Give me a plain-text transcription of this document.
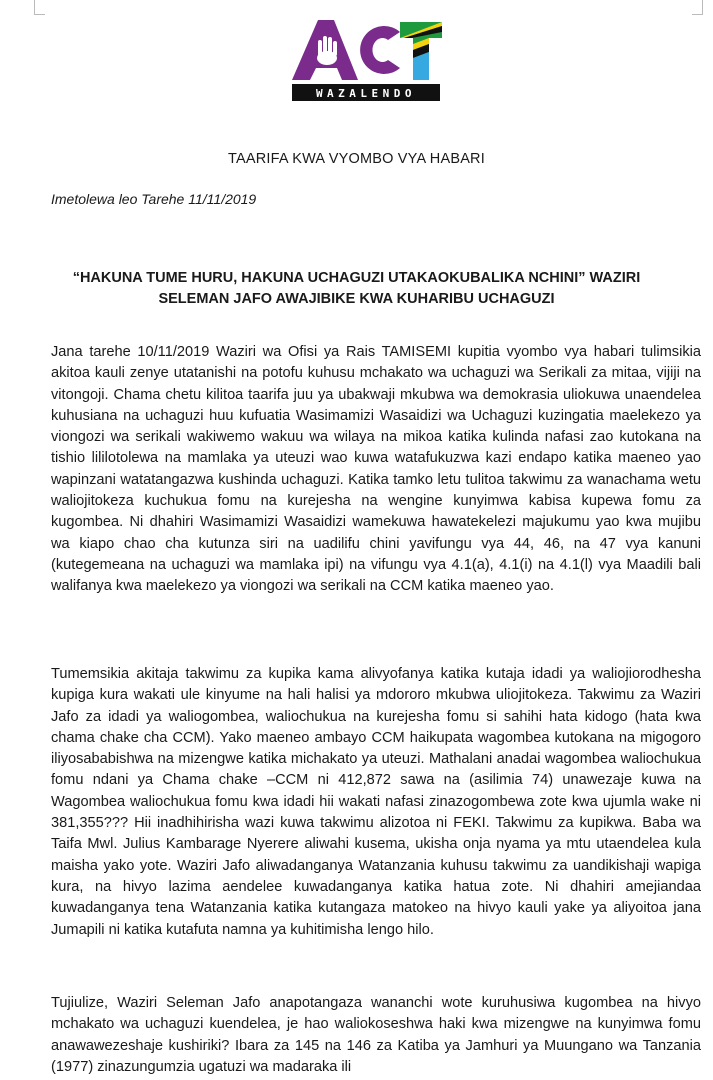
WAZALENDO
TAARIFA KWA VYOMBO VYA HABARI
Imetolewa leo Tarehe 11/11/2019
“HAKUNA TUME HURU, HAKUNA UCHAGUZI UTAKAOKUBALIKA NCHINI” WAZIRI SELEMAN JAFO AWAJIBIKE KWA KUHARIBU UCHAGUZI
Jana tarehe 10/11/2019 Waziri wa Ofisi ya Rais TAMISEMI kupitia vyombo vya habari tulimsikia akitoa kauli zenye utatanishi na potofu kuhusu mchakato wa uchaguzi wa Serikali za mitaa, vijiji na vitongoji. Chama chetu kilitoa taarifa juu ya ubakwaji mkubwa wa demokrasia uliokuwa unaendelea kuhusiana na uchaguzi huu kufuatia Wasimamizi Wasaidizi wa Uchaguzi kuzingatia maelekezo ya viongozi wa serikali wakiwemo wakuu wa wilaya na mikoa katika kulinda nafasi zao kutokana na tishio lililotolewa na mamlaka ya uteuzi wao kuwa watafukuzwa kazi endapo katika maeneo yao wapinzani watatangazwa kushinda uchaguzi. Katika tamko letu tulitoa takwimu za wanachama wetu waliojitokeza kuchukua fomu na kurejesha na wengine kunyimwa kabisa kupewa fomu za kugombea. Ni dhahiri Wasimamizi Wasaidizi wamekuwa hawatekelezi majukumu yao kwa mujibu wa kiapo chao cha kutunza siri na uadilifu chini yavifungu vya 44, 46, na 47 vya kanuni (kutegemeana na uchaguzi wa mamlaka ipi) na vifungu vya 4.1(a), 4.1(i) na 4.1(l) vya Maadili bali walifanya kwa maelekezo ya viongozi wa serikali na CCM katika maeneo yao.
Tumemsikia akitaja takwimu za kupika kama alivyofanya katika kutaja idadi ya waliojiorodhesha kupiga kura wakati ule kinyume na hali halisi ya mdororo mkubwa uliojitokeza. Takwimu za Waziri Jafo za idadi ya waliogombea, waliochukua na kurejesha fomu si sahihi hata kidogo (hata kwa chama chake cha CCM). Yako maeneo ambayo CCM haikupata wagombea kutokana na migogoro iliyosababishwa na mizengwe katika michakato ya uteuzi. Mathalani anadai wagombea waliochukua fomu ndani ya Chama chake –CCM ni 412,872 sawa na (asilimia 74) unawezaje kuwa na Wagombea waliochukua fomu kwa idadi hii wakati nafasi zinazogombewa zote kwa ujumla wake ni 381,355??? Hii inadhihirisha wazi kuwa takwimu alizotoa ni FEKI. Takwimu za kupikwa. Baba wa Taifa Mwl. Julius Kambarage Nyerere aliwahi kusema, ukisha onja nyama ya mtu utaendelea kula maisha yako yote. Waziri Jafo aliwadanganya Watanzania kuhusu takwimu za uandikishaji wapiga kura, na hivyo lazima aendelee kuwadanganya katika hatua zote. Ni dhahiri amejiandaa kuwadanganya tena Watanzania katika kutangaza matokeo na hivyo kauli yake ya aliyoitoa jana Jumapili ni katika kutafuta namna ya kuhitimisha lengo hilo.
Tujiulize, Waziri Seleman Jafo anapotangaza wananchi wote kuruhusiwa kugombea na hivyo mchakato wa uchaguzi kuendelea, je hao waliokoseshwa haki kwa mizengwe na kunyimwa fomu anawawezeshaje kushiriki? Ibara za 145 na 146 za Katiba ya Jamhuri ya Muungano wa Tanzania (1977) zinazungumzia ugatuzi wa madaraka ili
